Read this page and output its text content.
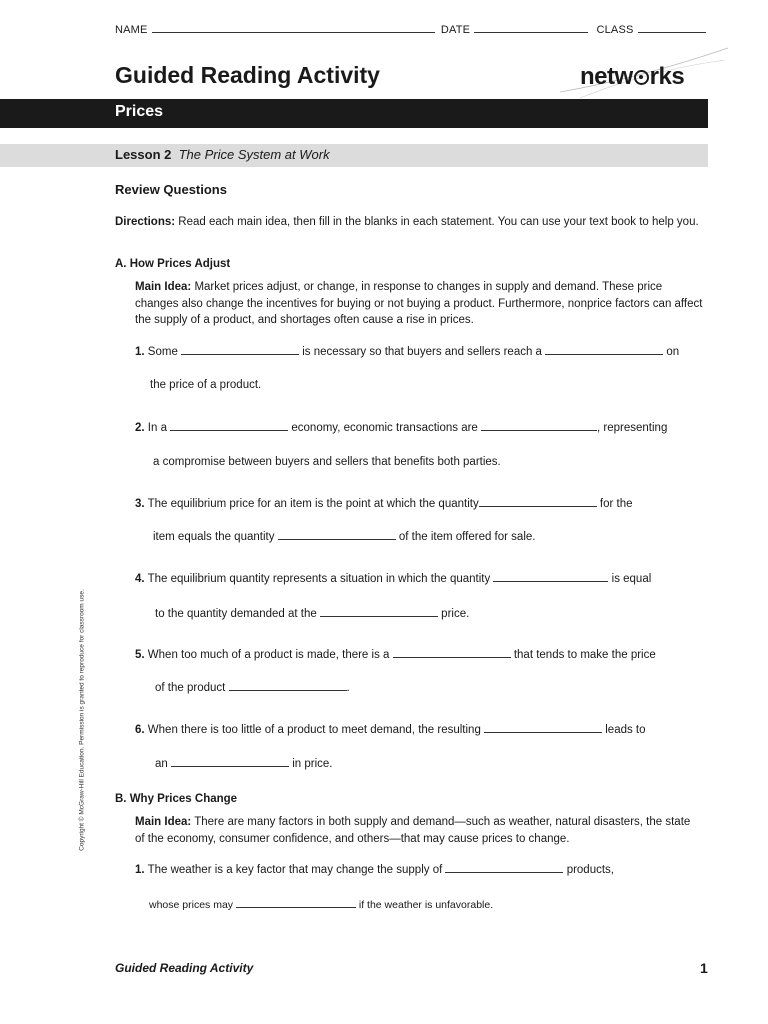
NAME	DATE	CLASS
Guided Reading Activity	netw rks
Prices
Lesson 2 The Price System at Work
Review Questions
Directions: Read each main idea, then fill in the blanks in each statement. You can use your text book to help you.
A. How Prices Adjust
Main Idea: Market prices adjust, or change, in response to changes in supply and demand. These price changes also change the incentives for buying or not buying a product. Furthermore, nonprice factors can affect the supply of a product, and shortages often cause a rise in prices.
1. Some	is necessary so that buyers and sellers reach a	on
the price of a product.
2. In a	economy, economic transactions are	, representing
a compromise between buyers and sellers that benefits both parties.
3. The equilibrium price for an item is the point at which the quantity	for the
item equals the quantity	of the item offered for sale.
4. The equilibrium quantity represents a situation in which the quantity	is equal
to the quantity demanded at the	price.
5. When too much of a product is made, there is a	that tends to make the price
of the product	.
6. When there is too little of a product to meet demand, the resulting	leads to
an	in price.
B. Why Prices Change
Main Idea: There are many factors in both supply and demand—such as weather, natural disasters, the state of the economy, consumer confidence, and others—that may cause prices to change.
1. The weather is a key factor that may change the supply of	products,
whose prices may	if the weather is unfavorable.
Copyright © McGraw-Hill Education. Permission is granted to reproduce for classroom use.
Guided Reading Activity	1
